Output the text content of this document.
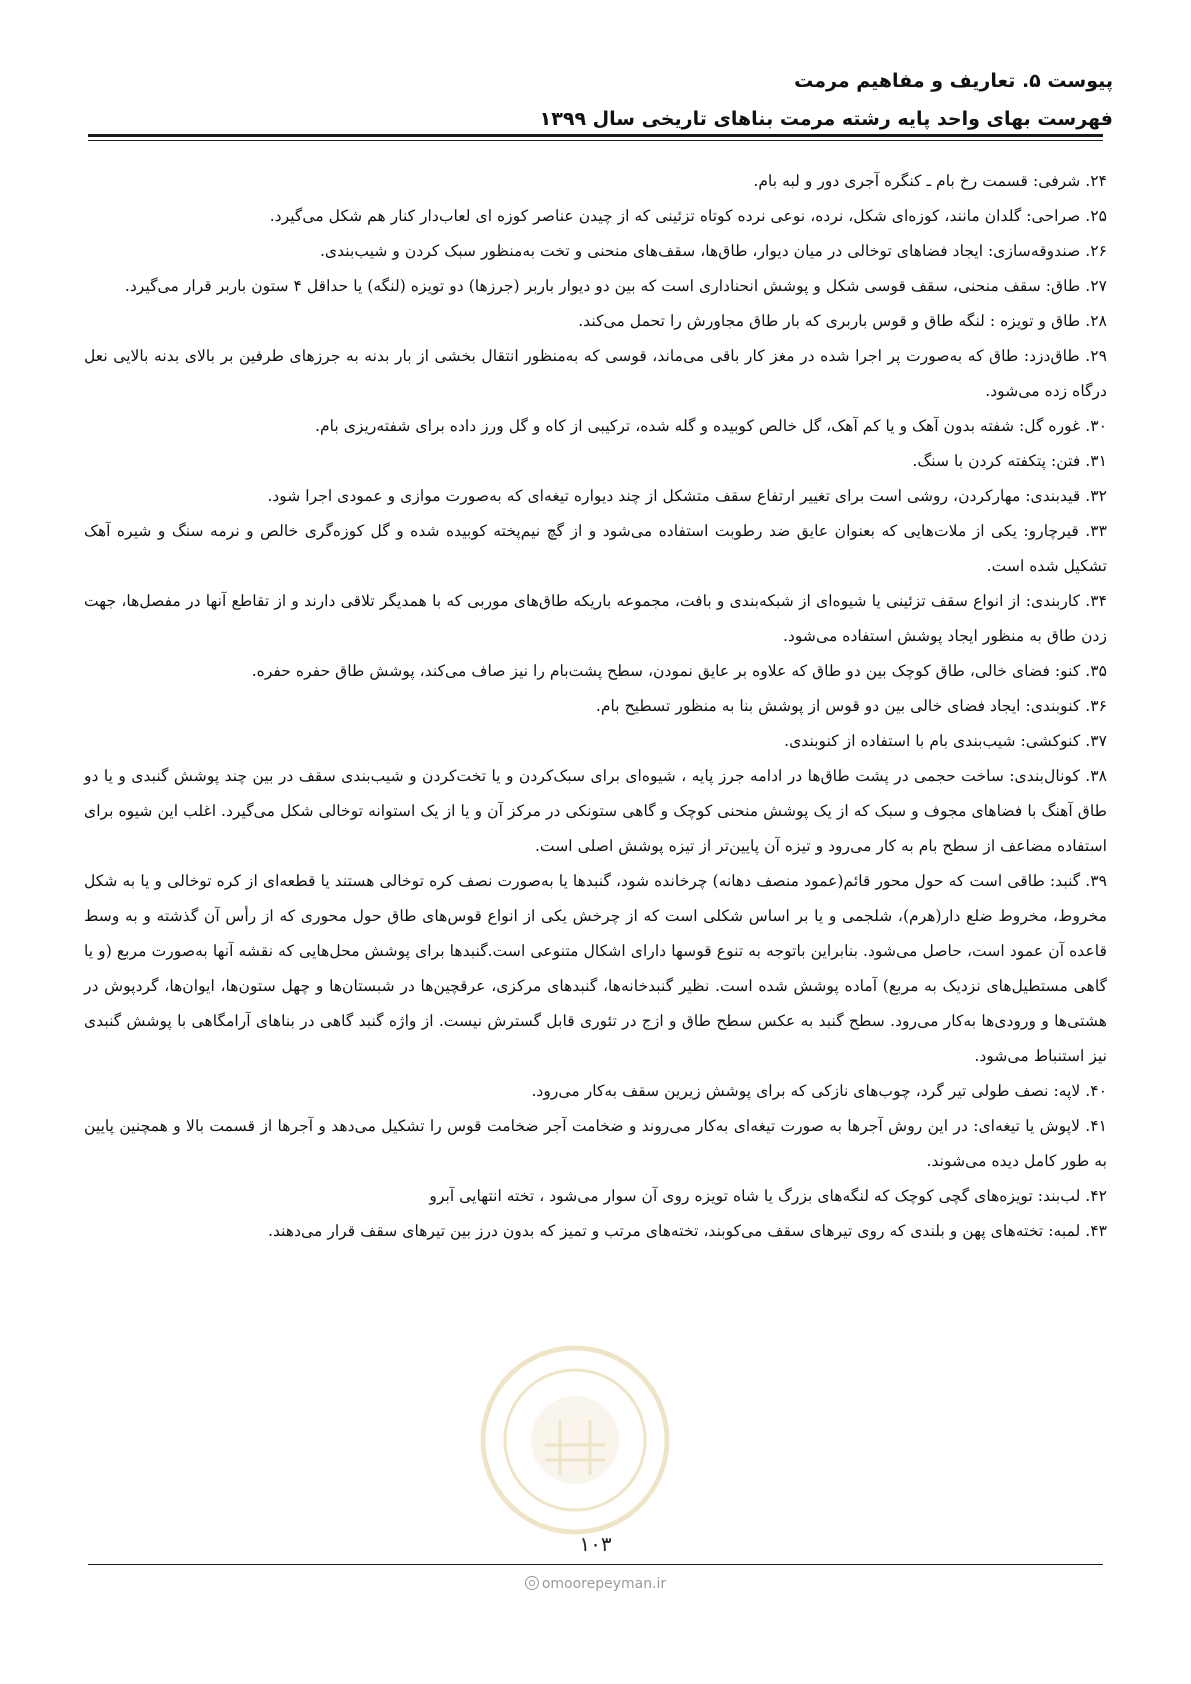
پیوست ۵. تعاریف و مفاهیم مرمت
فهرست بهای واحد پایه رشته مرمت بناهای تاریخی سال ۱۳۹۹

۲۴. شرفی: قسمت رخ بام ـ کنگره آجری دور و لبه بام.

۲۵. صراحی: گلدان مانند، کوزه‌ای شکل، نرده، نوعی نرده کوتاه تزئینی که از چیدن عناصر کوزه ای لعاب‌دار کنار هم شکل می‌گیرد.

۲۶. صندوقه‌سازی: ایجاد فضاهای توخالی در میان دیوار، طاق‌ها، سقف‌های منحنی و تخت به‌منظور سبک کردن و شیب‌بندی.

۲۷. طاق: سقف منحنی، سقف قوسی شکل و پوشش انحناداری است که بین دو دیوار باربر (جرزها) دو تویزه (لنگه) یا حداقل ۴ ستون باربر قرار می‌گیرد.

۲۸. طاق و تویزه : لنگه طاق و قوس باربری که بار طاق مجاورش را تحمل می‌کند.

۲۹. طاق‌دزد: طاق که به‌صورت پر اجرا شده در مغز کار باقی می‌ماند، قوسی که به‌منظور انتقال بخشی از بار بدنه به جرزهای طرفین بر بالای بدنه بالایی نعل درگاه زده می‌شود.

۳۰. غوره گل: شفته بدون آهک و یا کم آهک، گل خالص کوبیده و گله شده، ترکیبی از کاه و گل ورز داده برای شفته‌ریزی بام.

۳۱. فتن: پتکفته کردن با سنگ.

۳۲. قیدبندی: مهارکردن، روشی است برای تغییر ارتفاع سقف متشکل از چند دیواره تیغه‌ای که به‌صورت موازی و عمودی اجرا شود.

۳۳. قیرچارو: یکی از ملات‌هایی که بعنوان عایق ضد رطوبت استفاده می‌شود و از گچ نیم‌پخته کوبیده شده و گل کوزه‌گری خالص و نرمه سنگ و شیره آهک تشکیل شده است.

۳۴. کاربندی: از انواع سقف تزئینی یا شیوه‌ای از شبکه‌بندی و بافت، مجموعه باریکه طاق‌های موربی که با همدیگر تلاقی دارند و از تقاطع آنها در مفصل‌ها، جهت زدن طاق به منظور ایجاد پوشش استفاده می‌شود.

۳۵. کنو: فضای خالی، طاق کوچک بین دو طاق که علاوه بر عایق نمودن، سطح پشت‌بام را نیز صاف می‌کند، پوشش طاق حفره حفره.

۳۶. کنوبندی: ایجاد فضای خالی بین دو قوس از پوشش بنا به منظور تسطیح بام.

۳۷. کنوکشی: شیب‌بندی بام با استفاده از کنوبندی.

۳۸. کونال‌بندی: ساخت حجمی در پشت طاق‌ها در ادامه جرز پایه ، شیوه‌ای برای سبک‌کردن و یا تخت‌کردن و شیب‌بندی سقف در بین چند پوشش گنبدی و یا دو طاق آهنگ با فضاهای مجوف و سبک که از یک پوشش منحنی کوچک و گاهی ستونکی در مرکز آن و یا از یک استوانه توخالی شکل می‌گیرد. اغلب این شیوه برای استفاده مضاعف از سطح بام به کار می‌رود و تیزه آن پایین‌تر از تیزه پوشش اصلی است.

۳۹. گنبد: طاقی است که حول محور قائم(عمود منصف دهانه) چرخانده شود، گنبدها یا به‌صورت نصف کره توخالی هستند یا قطعه‌ای از کره توخالی و یا به شکل مخروط، مخروط ضلع دار(هرم)، شلجمی و یا بر اساس شکلی است که از چرخش یکی از انواع قوس‌های طاق حول محوری که از رأس آن گذشته و به وسط قاعده آن عمود است، حاصل می‌شود. بنابراین باتوجه به تنوع قوسها دارای اشکال متنوعی است.گنبدها برای پوشش محل‌هایی که نقشه آنها به‌صورت مربع (و یا گاهی مستطیل‌های نزدیک به مربع) آماده پوشش شده است. نظیر گنبدخانه‌ها، گنبدهای مرکزی، عرقچین‌ها در شبستان‌ها و چهل ستون‌ها، ایوان‌ها، گردپوش در هشتی‌ها و ورودی‌ها به‌کار می‌رود. سطح گنبد به عکس سطح طاق و ازج در تئوری قابل گسترش نیست. از واژه گنبد گاهی در بناهای آرامگاهی با پوشش گنبدی نیز استنباط می‌شود.

۴۰. لاپه: نصف طولی تیر گرد، چوب‌های نازکی که برای پوشش زیرین سقف به‌کار می‌رود.

۴۱. لاپوش یا تیغه‌ای: در این روش آجرها به صورت تیغه‌ای به‌کار می‌روند و ضخامت آجر ضخامت قوس را تشکیل می‌دهد و آجرها از قسمت بالا و همچنین پایین به طور کامل دیده می‌شوند.

۴۲. لب‌بند: تویزه‌های گچی کوچک که لنگه‌های بزرگ یا شاه تویزه روی آن سوار می‌شود ، تخته انتهایی آبرو

۴۳. لمبه: تخته‌های پهن و بلندی که روی تیرهای سقف می‌کوبند، تخته‌های مرتب و تمیز که بدون درز بین تیرهای سقف قرار می‌دهند.

۱۰۳
omoorepeyman.ir
